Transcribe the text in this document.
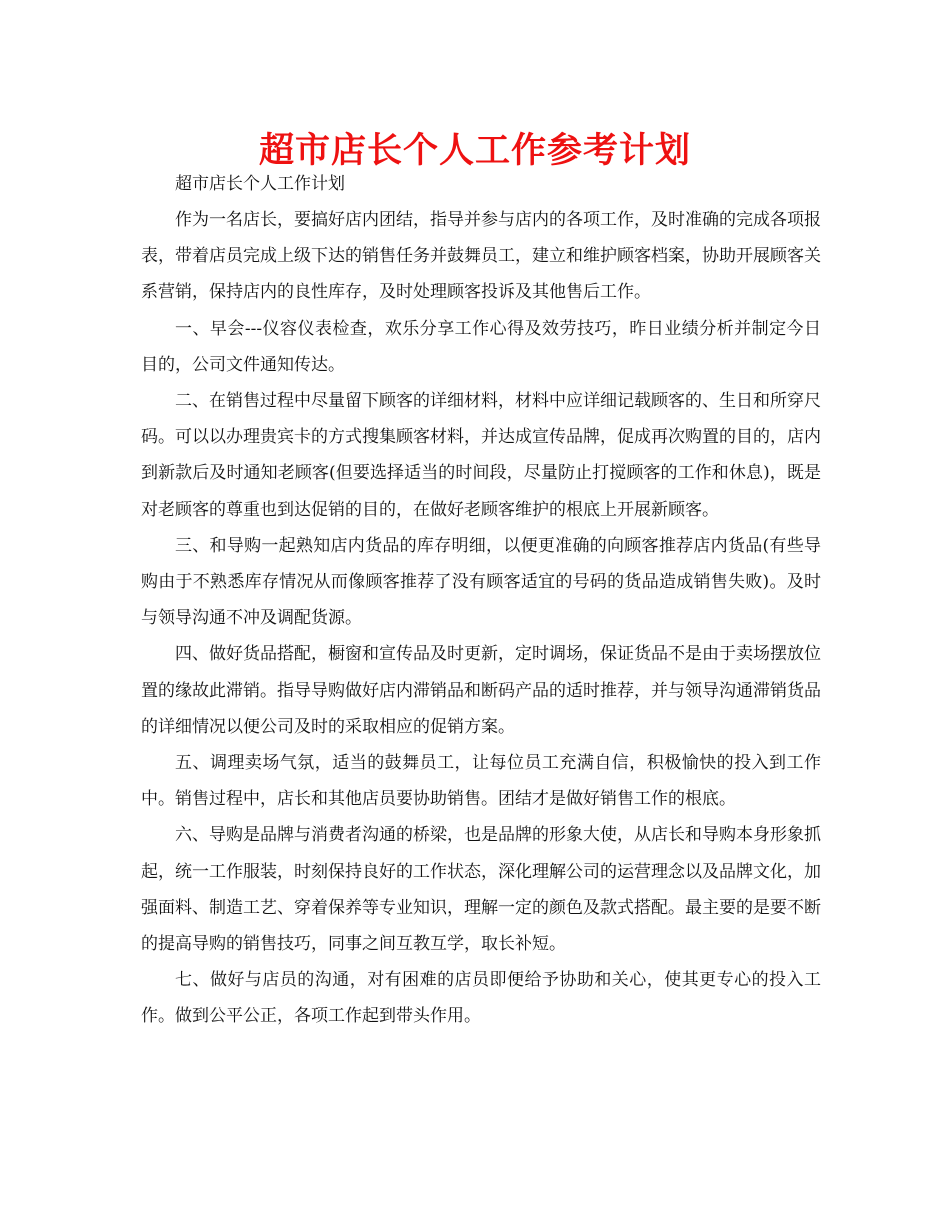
超市店长个人工作参考计划

超市店长个人工作计划

作为一名店长，要搞好店内团结，指导并参与店内的各项工作，及时准确的完成各项报表，带着店员完成上级下达的销售任务并鼓舞员工，建立和维护顾客档案，协助开展顾客关系营销，保持店内的良性库存，及时处理顾客投诉及其他售后工作。

一、早会---仪容仪表检查，欢乐分享工作心得及效劳技巧，昨日业绩分析并制定今日目的，公司文件通知传达。

二、在销售过程中尽量留下顾客的详细材料，材料中应详细记载顾客的、生日和所穿尺码。可以以办理贵宾卡的方式搜集顾客材料，并达成宣传品牌，促成再次购置的目的，店内到新款后及时通知老顾客(但要选择适当的时间段，尽量防止打搅顾客的工作和休息)，既是对老顾客的尊重也到达促销的目的，在做好老顾客维护的根底上开展新顾客。

三、和导购一起熟知店内货品的库存明细，以便更准确的向顾客推荐店内货品(有些导购由于不熟悉库存情况从而像顾客推荐了没有顾客适宜的号码的货品造成销售失败)。及时与领导沟通不冲及调配货源。

四、做好货品搭配，橱窗和宣传品及时更新，定时调场，保证货品不是由于卖场摆放位置的缘故此滞销。指导导购做好店内滞销品和断码产品的适时推荐，并与领导沟通滞销货品的详细情况以便公司及时的采取相应的促销方案。

五、调理卖场气氛，适当的鼓舞员工，让每位员工充满自信，积极愉快的投入到工作中。销售过程中，店长和其他店员要协助销售。团结才是做好销售工作的根底。

六、导购是品牌与消费者沟通的桥梁，也是品牌的形象大使，从店长和导购本身形象抓起，统一工作服装，时刻保持良好的工作状态，深化理解公司的运营理念以及品牌文化，加强面料、制造工艺、穿着保养等专业知识，理解一定的颜色及款式搭配。最主要的是要不断的提高导购的销售技巧，同事之间互教互学，取长补短。

七、做好与店员的沟通，对有困难的店员即便给予协助和关心，使其更专心的投入工作。做到公平公正，各项工作起到带头作用。
